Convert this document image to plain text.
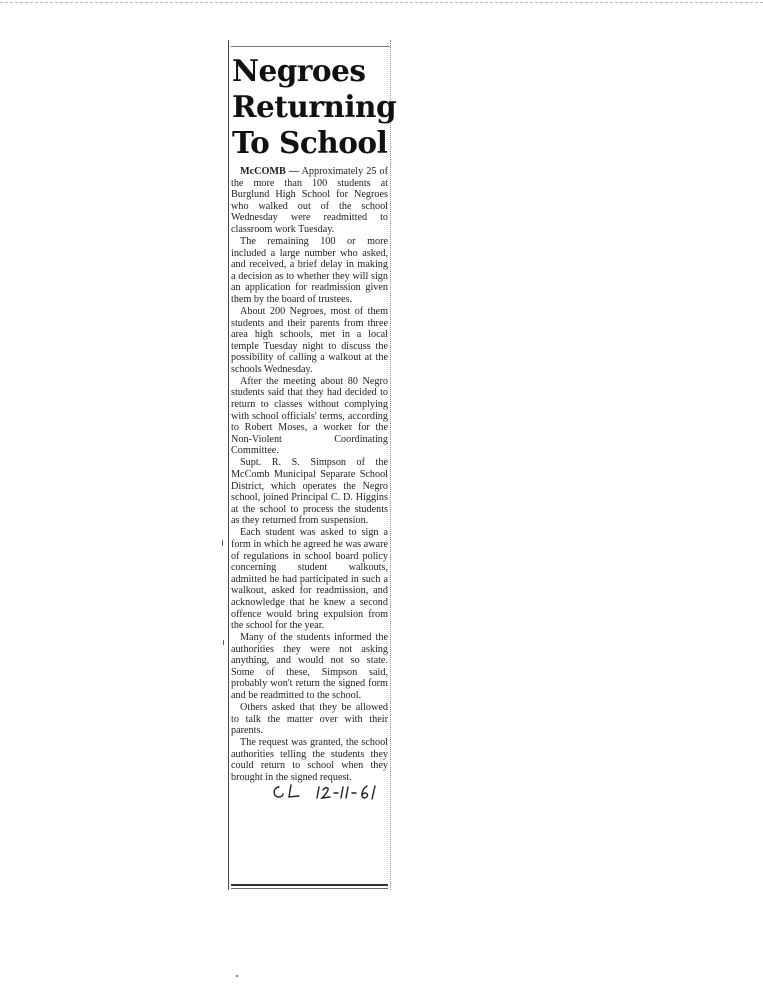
Negroes
Returning
To School

McCOMB — Approximately 25 of the more than 100 students at Burglund High School for Negroes who walked out of the school Wednesday were readmitted to classroom work Tuesday.

The remaining 100 or more included a large number who asked, and received, a brief delay in making a decision as to whether they will sign an application for readmission given them by the board of trustees.

About 200 Negroes, most of them students and their parents from three area high schools, met in a local temple Tuesday night to discuss the possibility of calling a walkout at the schools Wednesday.

After the meeting about 80 Negro students said that they had decided to return to classes without complying with school officials' terms, according to Robert Moses, a worker for the Non-Violent Coordinating Committee.

Supt. R. S. Simpson of the McComb Municipal Separate School District, which operates the Negro school, joined Principal C. D. Higgins at the school to process the students as they returned from suspension.

Each student was asked to sign a form in which he agreed he was aware of regulations in school board policy concerning student walkouts, admitted he had participated in such a walkout, asked for readmission, and acknowledge that he knew a second offence would bring expulsion from the school for the year.

Many of the students informed the authorities they were not asking anything, and would not so state. Some of these, Simpson said, probably won't return the signed form and be readmitted to the school.

Others asked that they be allowed to talk the matter over with their parents.

The request was granted, the school authorities telling the students they could return to school when they brought in the signed request.
